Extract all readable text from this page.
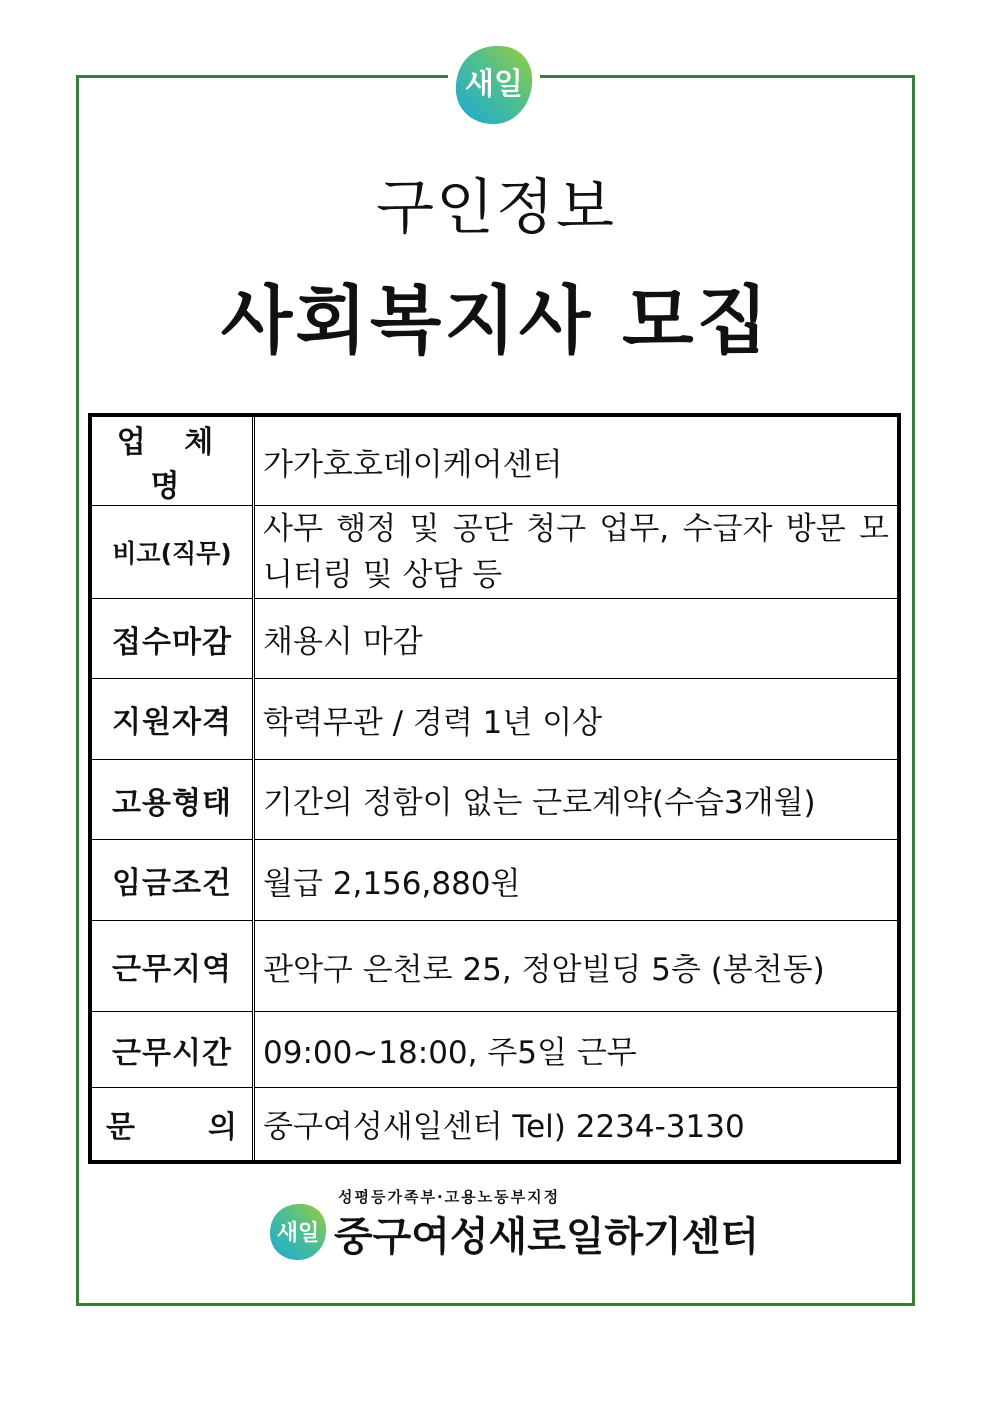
새일
구인정보
사회복지사 모집
업 체 명	가가호호데이케어센터
비고(직무)	사무 행정 및 공단 청구 업무, 수급자 방문 모니터링 및 상담 등
접수마감	채용시 마감
지원자격	학력무관 / 경력 1년 이상
고용형태	기간의 정함이 없는 근로계약(수습3개월)
임금조건	월급 2,156,880원
근무지역	관악구 은천로 25, 정암빌딩 5층 (봉천동)
근무시간	09:00~18:00, 주5일 근무
문 의	중구여성새일센터 Tel) 2234-3130
성평등가족부·고용노동부지정
새일 중구여성새로일하기센터
